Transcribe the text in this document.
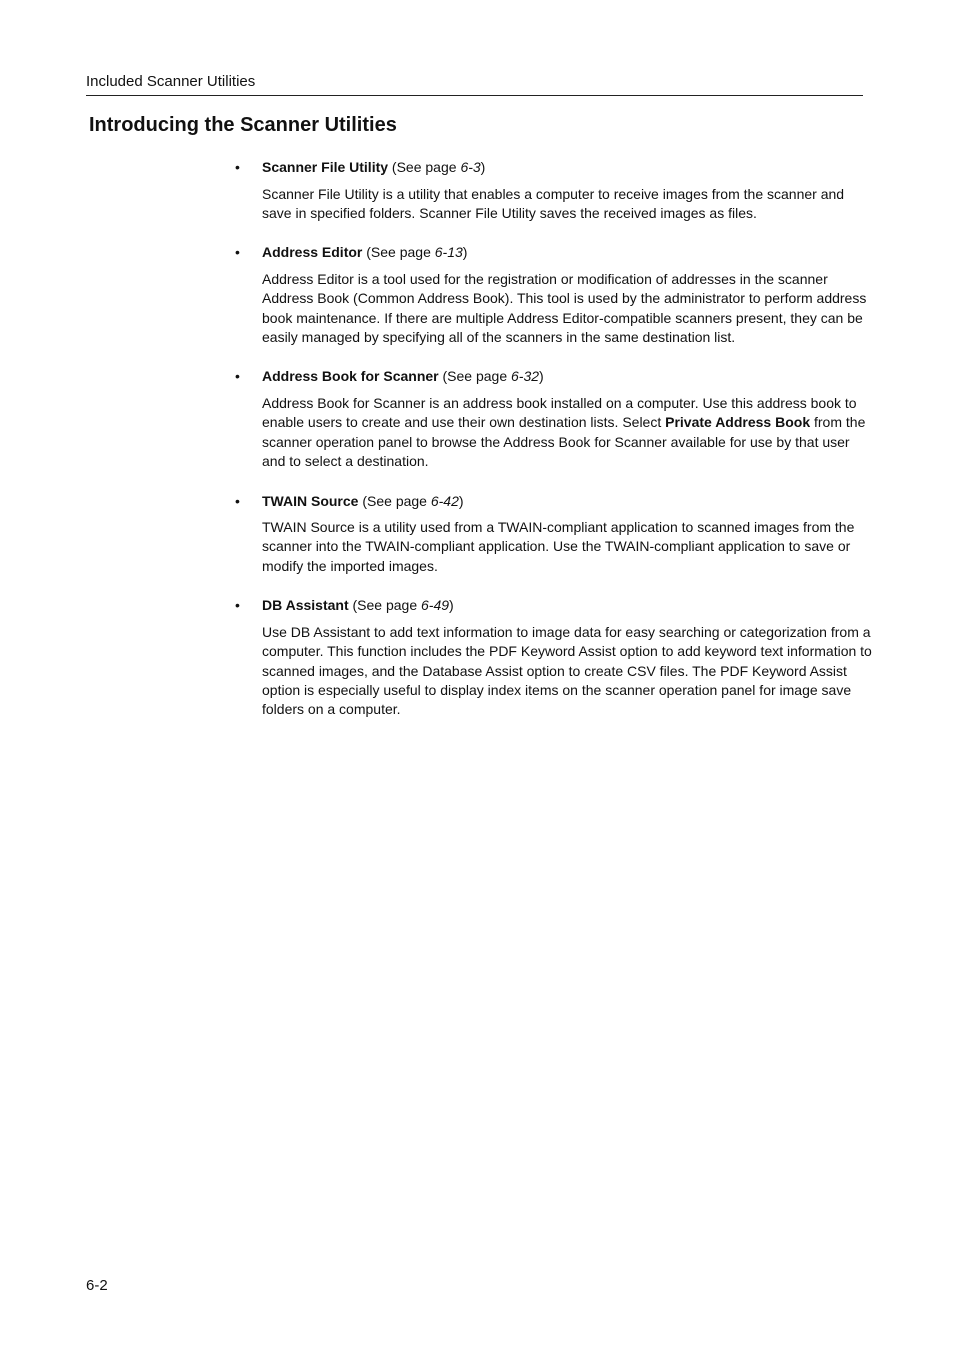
Included Scanner Utilities
Introducing the Scanner Utilities
• Scanner File Utility (See page 6-3)

Scanner File Utility is a utility that enables a computer to receive images from the scanner and save in specified folders. Scanner File Utility saves the received images as files.

• Address Editor (See page 6-13)

Address Editor is a tool used for the registration or modification of addresses in the scanner Address Book (Common Address Book). This tool is used by the administrator to perform address book maintenance. If there are multiple Address Editor-compatible scanners present, they can be easily managed by specifying all of the scanners in the same destination list.

• Address Book for Scanner (See page 6-32)

Address Book for Scanner is an address book installed on a computer. Use this address book to enable users to create and use their own destination lists. Select Private Address Book from the scanner operation panel to browse the Address Book for Scanner available for use by that user and to select a destination.

• TWAIN Source (See page 6-42)

TWAIN Source is a utility used from a TWAIN-compliant application to scanned images from the scanner into the TWAIN-compliant application. Use the TWAIN-compliant application to save or modify the imported images.

• DB Assistant (See page 6-49)

Use DB Assistant to add text information to image data for easy searching or categorization from a computer. This function includes the PDF Keyword Assist option to add keyword text information to scanned images, and the Database Assist option to create CSV files. The PDF Keyword Assist option is especially useful to display index items on the scanner operation panel for image save folders on a computer.

6-2
